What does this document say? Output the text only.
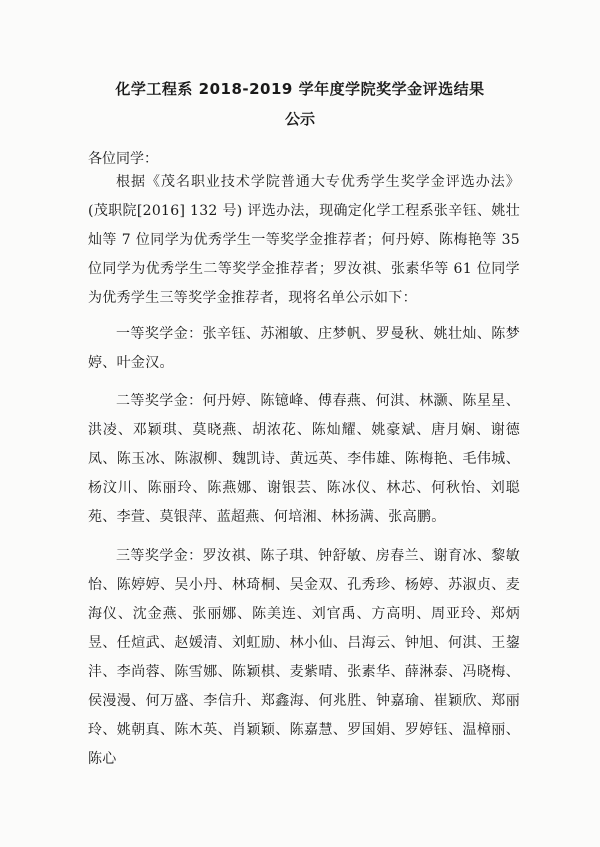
化学工程系 2018-2019 学年度学院奖学金评选结果
公示
各位同学：
根据《茂名职业技术学院普通大专优秀学生奖学金评选办法》(茂职院[2016] 132 号) 评选办法，现确定化学工程系张辛钰、姚壮灿等 7 位同学为优秀学生一等奖学金推荐者；何丹婷、陈梅艳等 35 位同学为优秀学生二等奖学金推荐者；罗汝祺、张素华等 61 位同学为优秀学生三等奖学金推荐者，现将名单公示如下：
一等奖学金：张辛钰、苏湘敏、庄梦帆、罗曼秋、姚壮灿、陈梦婷、叶金汉。
二等奖学金：何丹婷、陈镱峰、傅春燕、何淇、林灏、陈星星、洪凌、邓颖琪、莫晓燕、胡浓花、陈灿耀、姚豪斌、唐月娴、谢德凤、陈玉冰、陈淑柳、魏凯诗、黄远英、李伟雄、陈梅艳、毛伟城、杨汶川、陈丽玲、陈燕娜、谢银芸、陈冰仪、林芯、何秋怡、刘聪苑、李萱、莫银萍、蓝超燕、何培湘、林扬满、张高鹏。
三等奖学金：罗汝祺、陈子琪、钟舒敏、房春兰、谢育冰、黎敏怡、陈婷婷、吴小丹、林琦桐、吴金双、孔秀珍、杨婷、苏淑贞、麦海仪、沈金燕、张丽娜、陈美连、刘官禹、方高明、周亚玲、郑炳昱、任煊武、赵媛清、刘虹励、林小仙、吕海云、钟旭、何淇、王鋆沣、李尚蓉、陈雪娜、陈颖棋、麦紫晴、张素华、薛淋泰、冯晓梅、侯漫漫、何万盛、李信升、郑鑫海、何兆胜、钟嘉瑜、崔颖欣、郑丽玲、姚朝真、陈木英、肖颖颖、陈嘉慧、罗国娟、罗婷钰、温樟丽、陈心
